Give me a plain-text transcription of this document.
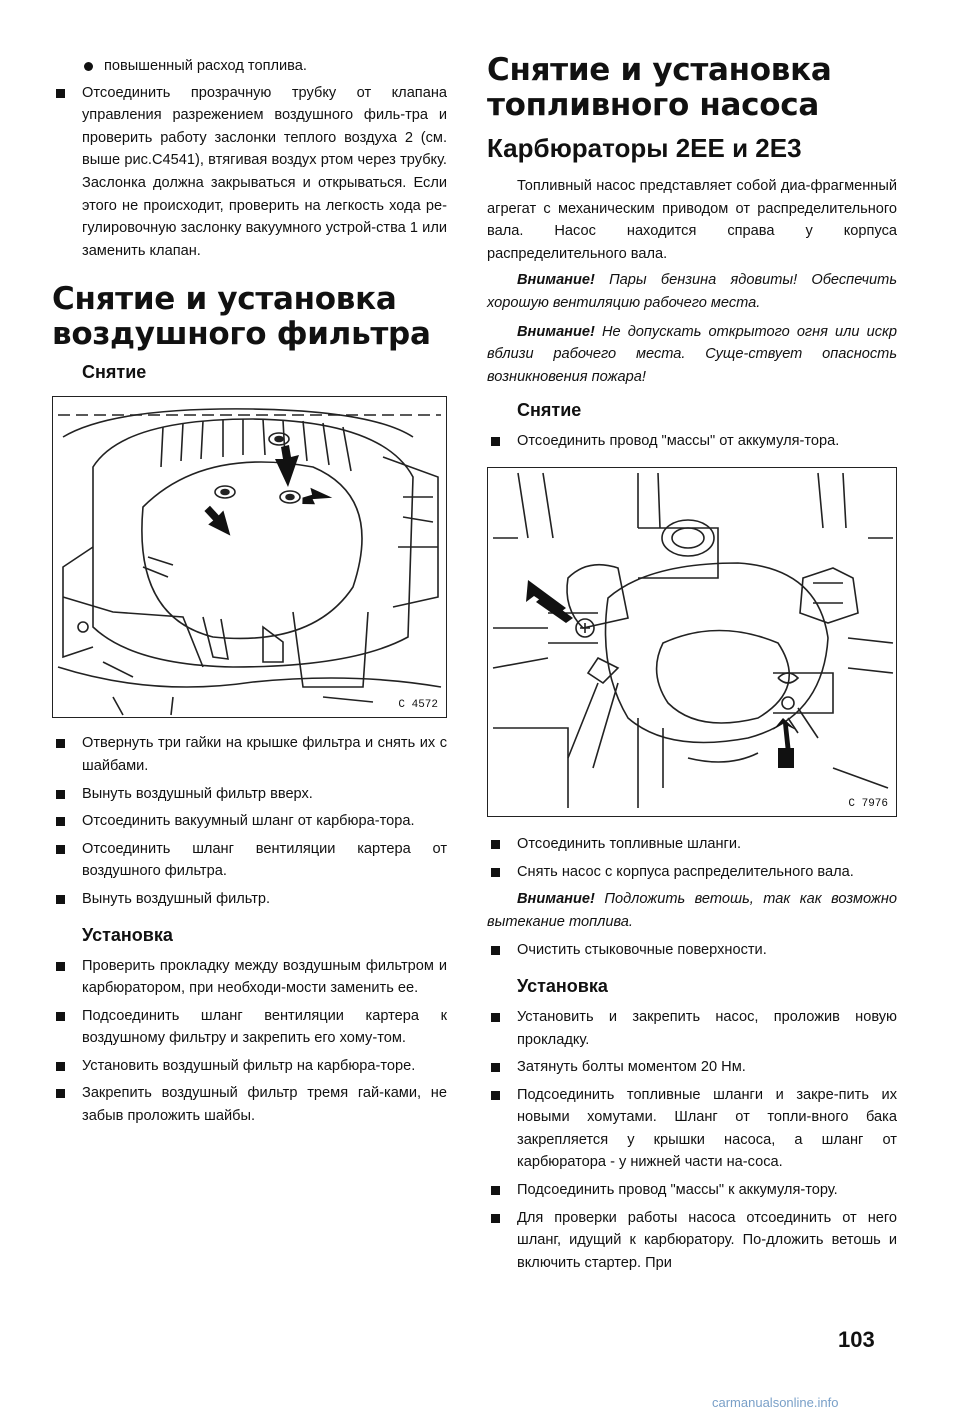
повышенный расход топлива.
Отсоединить прозрачную трубку от клапана управления разрежением воздушного филь-тра и проверить работу заслонки теплого воздуха 2 (см. выше рис.C4541), втягивая воздух ртом через трубку. Заслонка должна закрываться и открываться. Если этого не происходит, проверить на легкость хода ре-гулировочную заслонку вакуумного устрой-ства 1 или заменить клапан.
Снятие и установка
воздушного фильтра
Снятие
C 4572
Отвернуть три гайки на крышке фильтра и снять их с шайбами.
Вынуть воздушный фильтр вверх.
Отсоединить вакуумный шланг от карбюра-тора.
Отсоединить шланг вентиляции картера от воздушного фильтра.
Вынуть воздушный фильтр.
Установка
Проверить прокладку между воздушным фильтром и карбюратором, при необходи-мости заменить ее.
Подсоединить шланг вентиляции картера к воздушному фильтру и закрепить его хому-том.
Установить воздушный фильтр на карбюра-торе.
Закрепить воздушный фильтр тремя гай-ками, не забыв проложить шайбы.
Снятие и установка
топливного насоса
Карбюраторы 2EE и 2E3

Топливный насос представляет собой диа-фрагменный агрегат с механическим приводом от распределительного вала. Насос находится справа у корпуса распределительного вала.

Внимание! Пары бензина ядовиты! Обеспечить хорошую вентиляцию рабочего места.

Внимание! Не допускать открытого огня или искр вблизи рабочего места. Суще-ствует опасность возникновения пожара!

Снятие
Отсоединить провод "массы" от аккумуля-тора.
C 7976
Отсоединить топливные шланги.
Снять насос с корпуса распределительного вала.

Внимание! Подложить ветошь, так как возможно вытекание топлива.

Очистить стыковочные поверхности.
Установка
Установить и закрепить насос, проложив новую прокладку.
Затянуть болты моментом 20 Нм.
Подсоединить топливные шланги и закре-пить их новыми хомутами. Шланг от топли-вного бака закрепляется у крышки насоса, а шланг от карбюратора - у нижней части на-соса.
Подсоединить провод "массы" к аккумуля-тору.
Для проверки работы насоса отсоединить от него шланг, идущий к карбюратору. По-дложить ветошь и включить стартер. При
103
carmanualsonline.info
